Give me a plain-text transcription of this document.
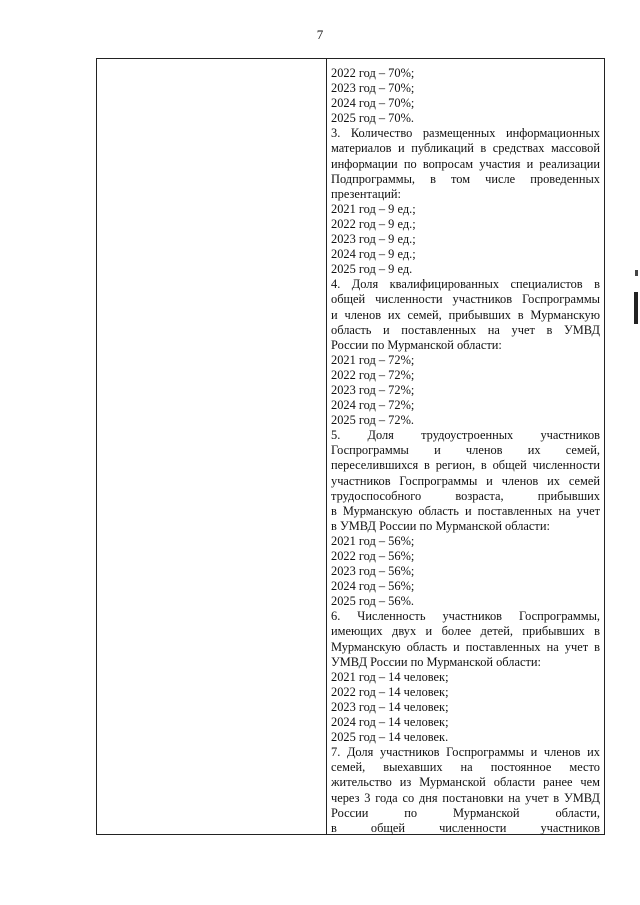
7
2022 год – 70%;
2023 год – 70%;
2024 год – 70%;
2025 год – 70%.
3. Количество размещенных информационных
материалов и публикаций в средствах массовой
информации по вопросам участия и реализации
Подпрограммы, в том числе проведенных
презентаций:
2021 год – 9 ед.;
2022 год – 9 ед.;
2023 год – 9 ед.;
2024 год – 9 ед.;
2025 год – 9 ед.
4. Доля квалифицированных специалистов в
общей численности участников Госпрограммы
и членов их семей, прибывших в Мурманскую
область и поставленных на учет в УМВД
России по Мурманской области:
2021 год – 72%;
2022 год – 72%;
2023 год – 72%;
2024 год – 72%;
2025 год – 72%.
5. Доля трудоустроенных участников
Госпрограммы и членов их семей,
переселившихся в регион, в общей численности
участников Госпрограммы и членов их семей
трудоспособного возраста, прибывших
в Мурманскую область и поставленных на учет
в УМВД России по Мурманской области:
2021 год – 56%;
2022 год – 56%;
2023 год – 56%;
2024 год – 56%;
2025 год – 56%.
6. Численность участников Госпрограммы,
имеющих двух и более детей, прибывших в
Мурманскую область и поставленных на учет в
УМВД России по Мурманской области:
2021 год – 14 человек;
2022 год – 14 человек;
2023 год – 14 человек;
2024 год – 14 человек;
2025 год – 14 человек.
7. Доля участников Госпрограммы и членов их
семей, выехавших на постоянное место
жительство из Мурманской области ранее чем
через 3 года со дня постановки на учет в УМВД
России по Мурманской области,
в общей численности участников
